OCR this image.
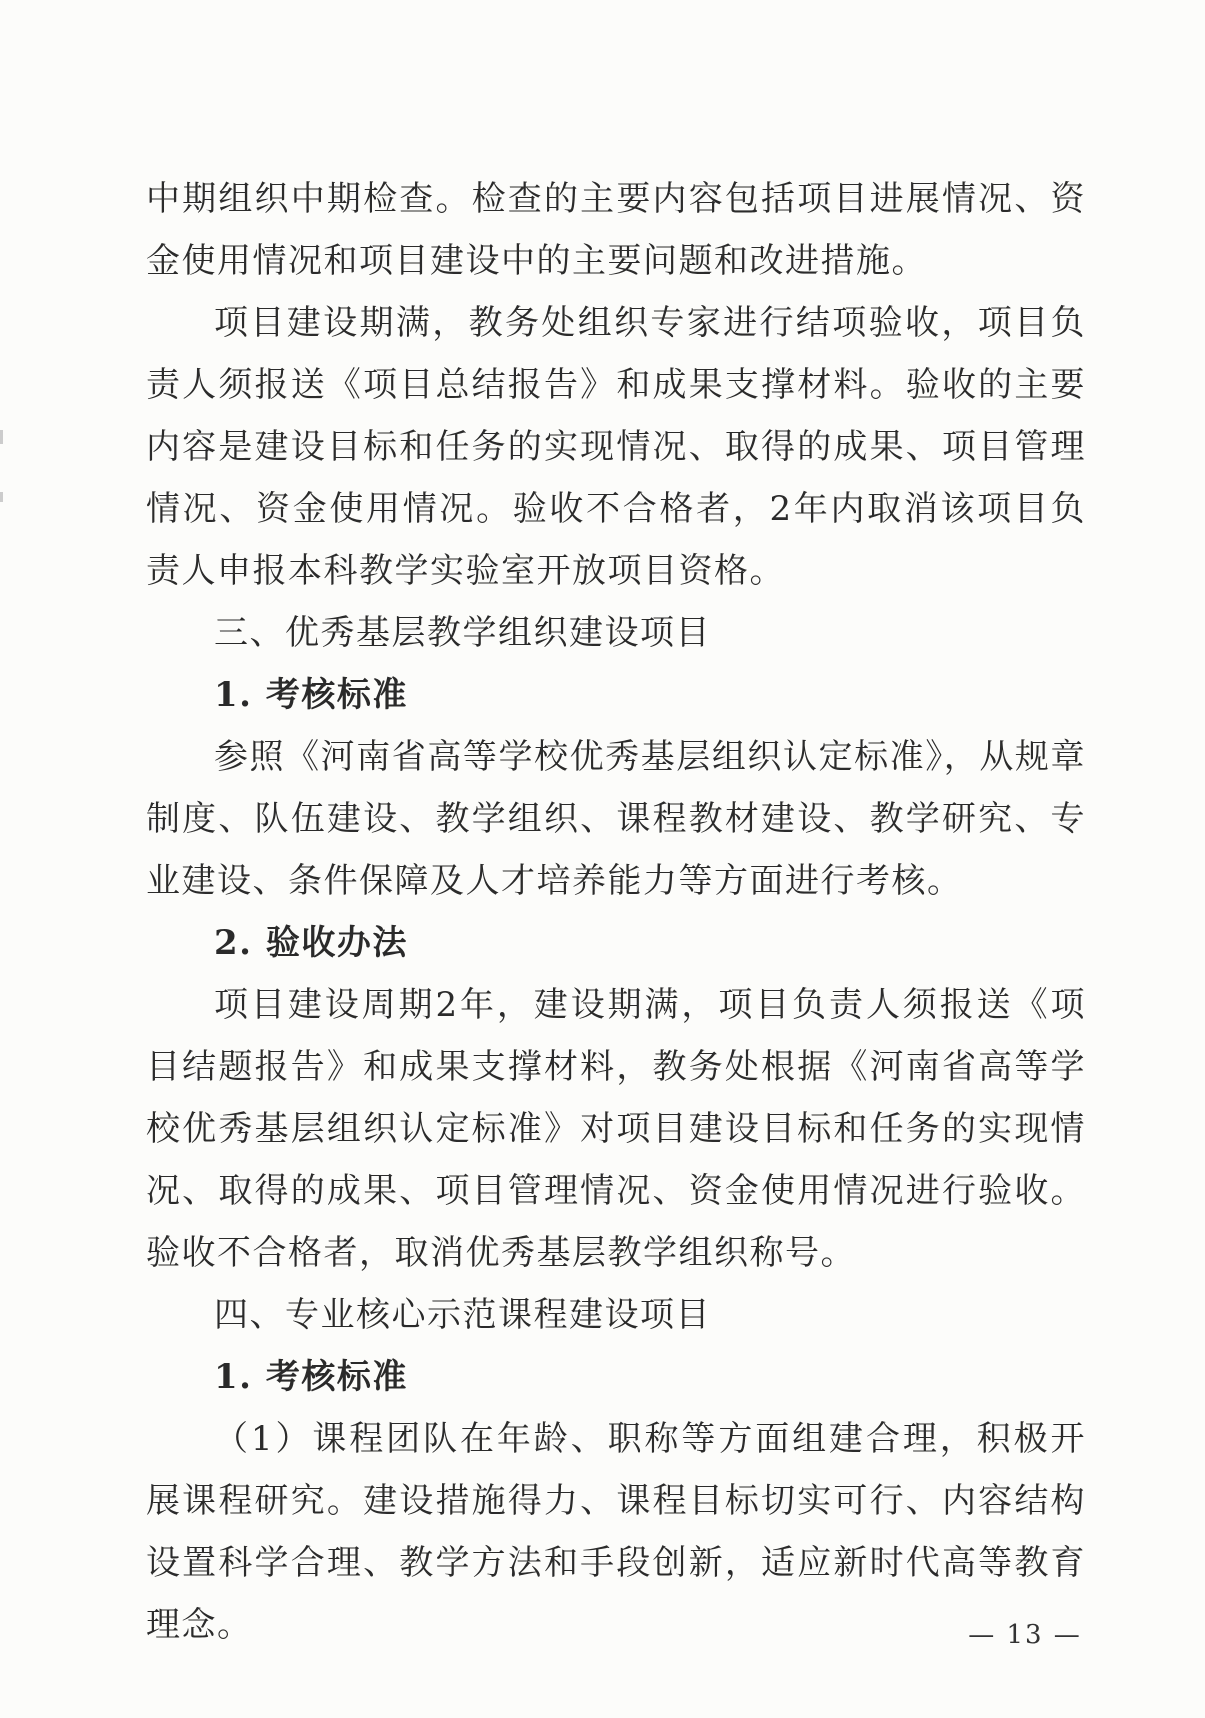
中期组织中期检查。检查的主要内容包括项目进展情况、资金使用情况和项目建设中的主要问题和改进措施。

项目建设期满，教务处组织专家进行结项验收，项目负责人须报送《项目总结报告》和成果支撑材料。验收的主要内容是建设目标和任务的实现情况、取得的成果、项目管理情况、资金使用情况。验收不合格者，2年内取消该项目负责人申报本科教学实验室开放项目资格。

三、优秀基层教学组织建设项目

1. 考核标准

参照《河南省高等学校优秀基层组织认定标准》，从规章制度、队伍建设、教学组织、课程教材建设、教学研究、专业建设、条件保障及人才培养能力等方面进行考核。

2. 验收办法

项目建设周期2年，建设期满，项目负责人须报送《项目结题报告》和成果支撑材料，教务处根据《河南省高等学校优秀基层组织认定标准》对项目建设目标和任务的实现情况、取得的成果、项目管理情况、资金使用情况进行验收。验收不合格者，取消优秀基层教学组织称号。

四、专业核心示范课程建设项目

1. 考核标准

（1）课程团队在年龄、职称等方面组建合理，积极开展课程研究。建设措施得力、课程目标切实可行、内容结构设置科学合理、教学方法和手段创新，适应新时代高等教育理念。	— 13 —
